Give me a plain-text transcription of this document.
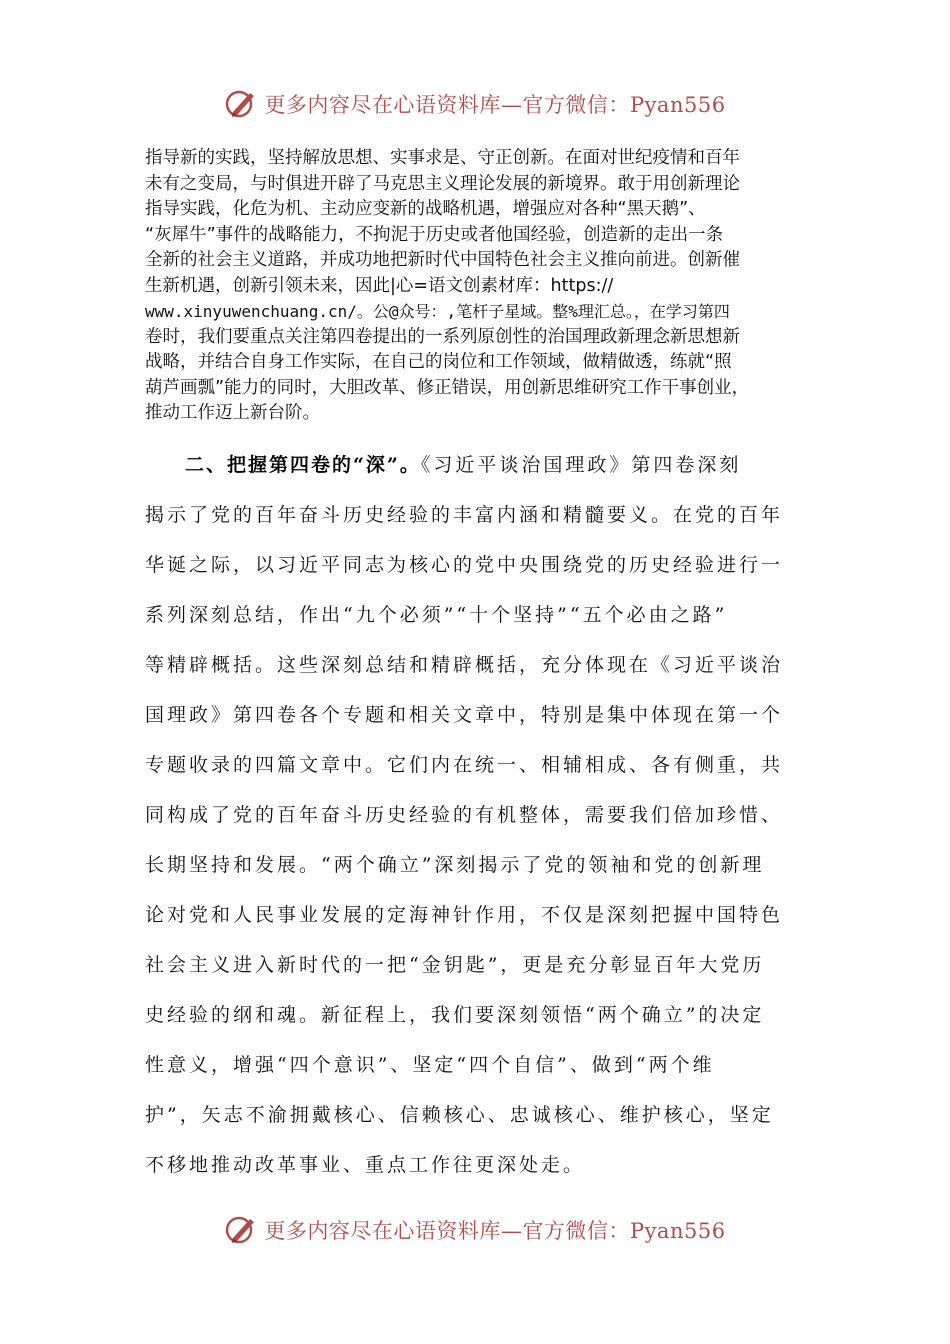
更多内容尽在心语资料库—官方微信：Pyan556
指导新的实践，坚持解放思想、实事求是、守正创新。在面对世纪疫情和百年
未有之变局，与时俱进开辟了马克思主义理论发展的新境界。敢于用创新理论
指导实践，化危为机、主动应变新的战略机遇，增强应对各种“黑天鹅”、
“灰犀牛”事件的战略能力，不拘泥于历史或者他国经验，创造新的走出一条
全新的社会主义道路，并成功地把新时代中国特色社会主义推向前进。创新催
生新机遇，创新引领未来，因此|心=语文创素材库：https://
www.xinyuwenchuang.cn/。公@众号：,笔杆子星域。整%理汇总。，在学习第四
卷时，我们要重点关注第四卷提出的一系列原创性的治国理政新理念新思想新
战略，并结合自身工作实际，在自己的岗位和工作领域，做精做透，练就“照
葫芦画瓢”能力的同时，大胆改革、修正错误，用创新思维研究工作干事创业，
推动工作迈上新台阶。
二、把握第四卷的“深”。《习近平谈治国理政》第四卷深刻
揭示了党的百年奋斗历史经验的丰富内涵和精髓要义。在党的百年
华诞之际，以习近平同志为核心的党中央围绕党的历史经验进行一
系列深刻总结，作出“九个必须”“十个坚持”“五个必由之路”
等精辟概括。这些深刻总结和精辟概括，充分体现在《习近平谈治
国理政》第四卷各个专题和相关文章中，特别是集中体现在第一个
专题收录的四篇文章中。它们内在统一、相辅相成、各有侧重，共
同构成了党的百年奋斗历史经验的有机整体，需要我们倍加珍惜、
长期坚持和发展。“两个确立”深刻揭示了党的领袖和党的创新理
论对党和人民事业发展的定海神针作用，不仅是深刻把握中国特色
社会主义进入新时代的一把“金钥匙”，更是充分彰显百年大党历
史经验的纲和魂。新征程上，我们要深刻领悟“两个确立”的决定
性意义，增强“四个意识”、坚定“四个自信”、做到“两个维
护”，矢志不渝拥戴核心、信赖核心、忠诚核心、维护核心，坚定
不移地推动改革事业、重点工作往更深处走。
更多内容尽在心语资料库—官方微信：Pyan556
